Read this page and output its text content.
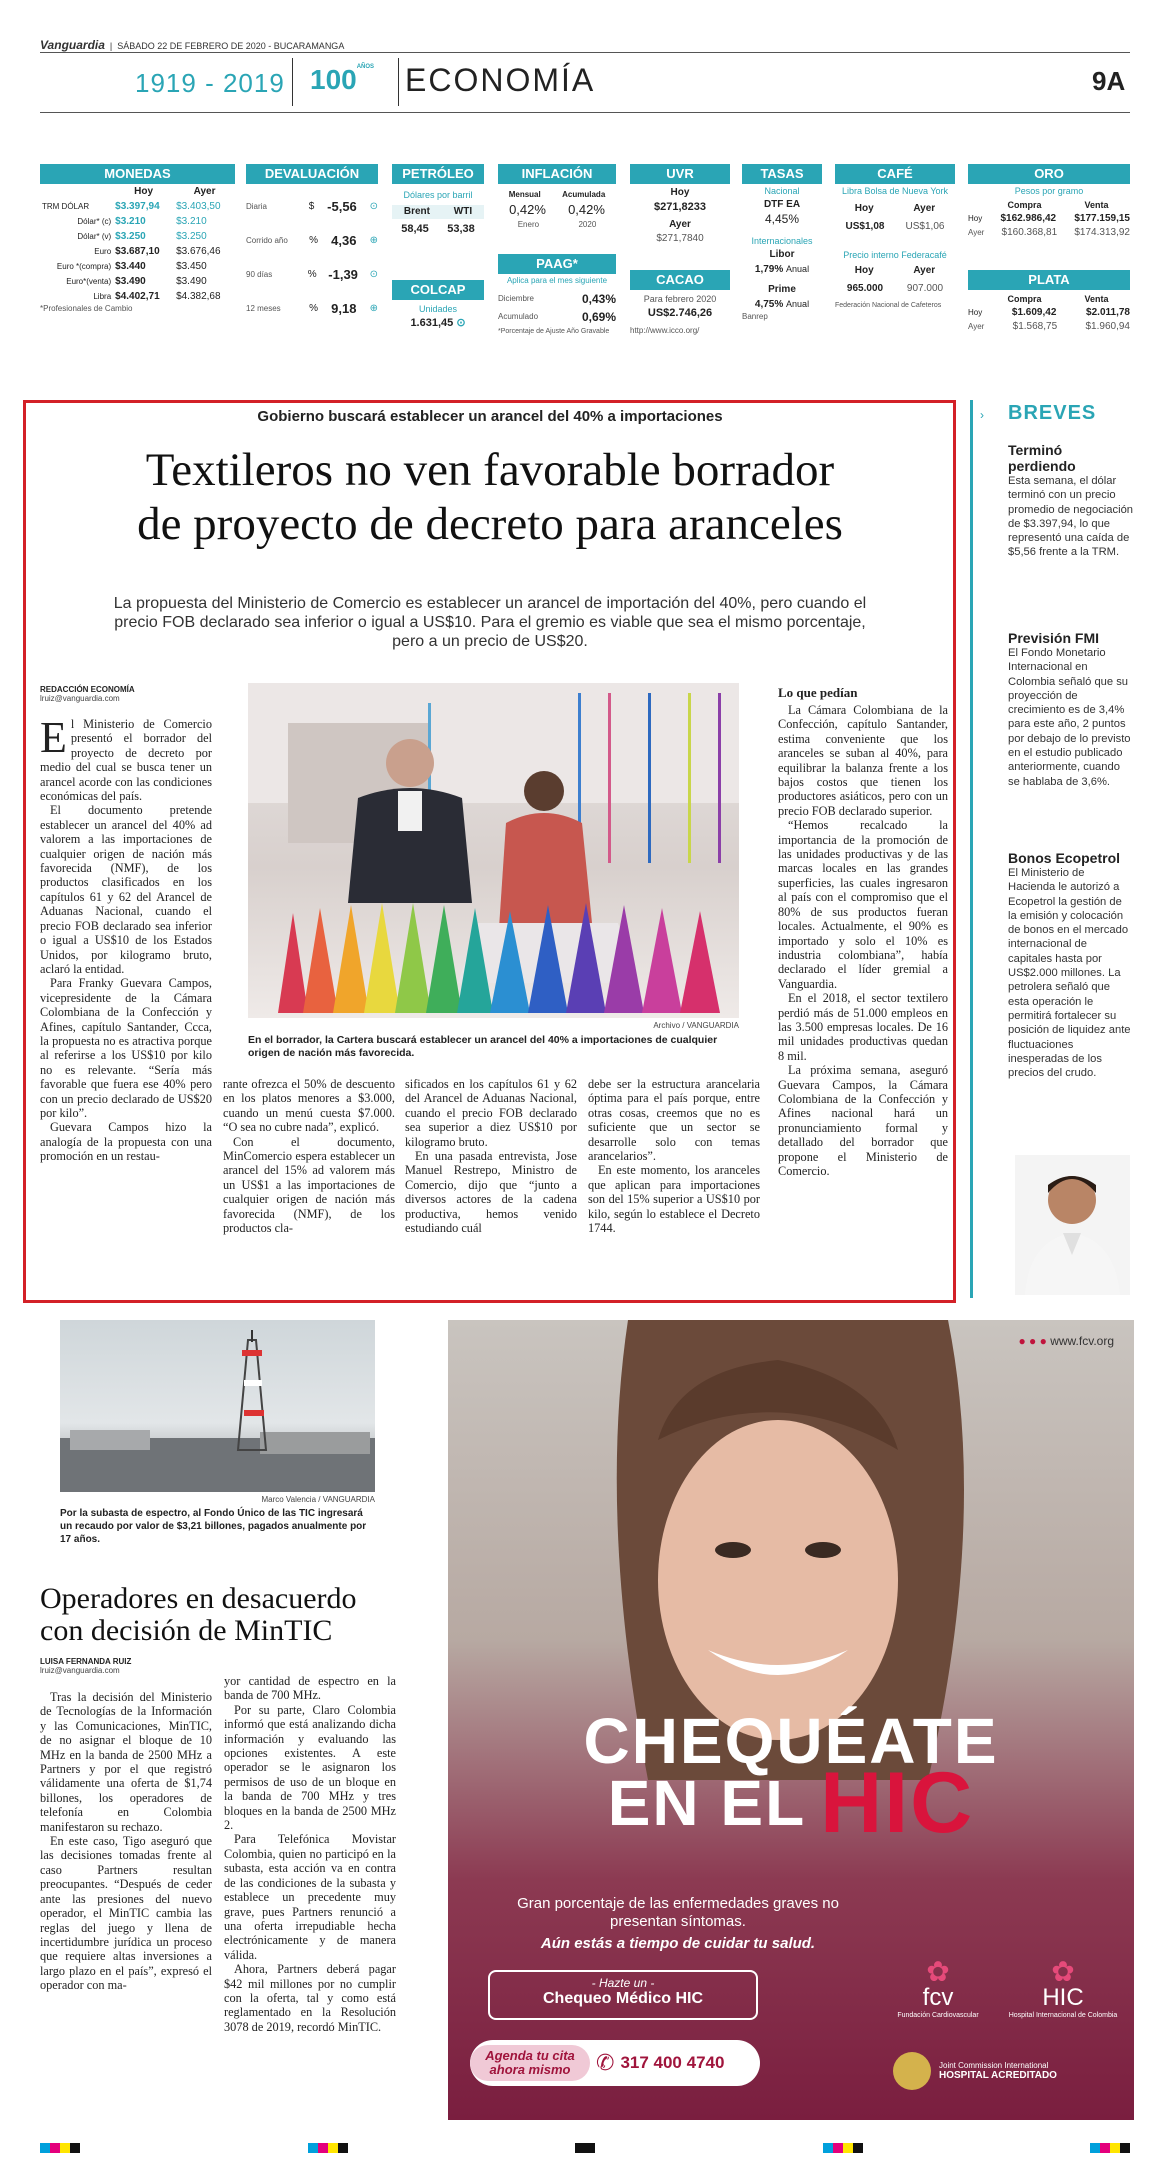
Vanguardia  |  SÁBADO 22 DE FEBRERO DE 2020 - BUCARAMANGA
1919 - 2019 $100^{AÑOS}$ ECONOMÍA	9A
MONEDAS
	Hoy	Ayer
TRM DÓLAR	$3.397,94	$3.403,50
Dólar* (c)	$3.210	$3.210
Dólar* (v)	$3.250	$3.250
Euro	$3.687,10	$3.676,46
Euro *(compra)	$3.440	$3.450
Euro*(venta)	$3.490	$3.490
Libra	$4.402,71	$4.382,68
*Profesionales de Cambio
DEVALUACIÓN
Diaria	$ -5,56 ⊙
Corrido año	% 4,36 ⊕
90 días	% -1,39 ⊙
12 meses	% 9,18 ⊕
PETRÓLEO
Dólares por barril
Brent WTI
58,45 53,38
COLCAP
Unidades
1.631,45 ⊙
INFLACIÓN
Mensual	Acumulada
0,42% 0,42%
Enero	2020
PAAG*
Aplica para el mes siguiente
Diciembre	0,43%
Acumulado	0,69%
*Porcentaje de Ajuste Año Gravable
UVR
Hoy
$271,8233
Ayer
$271,7840
CACAO
Para febrero 2020
US$2.746,26
http://www.icco.org/
TASAS
Nacional
DTF EA
4,45%
Internacionales
Libor
1,79% Anual
Prime
4,75% Anual
Banrep
CAFÉ
Libra Bolsa de Nueva York
Hoy	Ayer
US$1,08 US$1,06
Precio interno Federacafé
Hoy	Ayer
965.000 907.000
Federación Nacional de Cafeteros
ORO
Pesos por gramo
Compra	Venta
Hoy $162.986,42 $177.159,15
Ayer $160.368,81 $174.313,92
PLATA
Compra	Venta
Hoy	$1.609,42	$2.011,78
Ayer	$1.568,75	$1.960,94
Gobierno buscará establecer un arancel del 40% a importaciones
Textileros no ven favorable borrador
de proyecto de decreto para aranceles
La propuesta del Ministerio de Comercio es establecer un arancel de importación del 40%, pero cuando el precio FOB declarado sea inferior o igual a US$10. Para el gremio es viable que sea el mismo porcentaje, pero a un precio de US$20.
REDACCIÓN ECONOMÍA
lruiz@vanguardia.com

El Ministerio de Comercio presentó el borrador del proyecto de decreto por medio del cual se busca tener un arancel acorde con las condiciones económicas del país.

El documento pretende establecer un arancel del 40% ad valorem a las importaciones de cualquier origen de nación más favorecida (NMF), de los productos clasificados en los capítulos 61 y 62 del Arancel de Aduanas Nacional, cuando el precio FOB declarado sea inferior o igual a US$10 de los Estados Unidos, por kilogramo bruto, aclaró la entidad.

Para Franky Guevara Campos, vicepresidente de la Cámara Colombiana de la Confección y Afines, capítulo Santander, Ccca, la propuesta no es atractiva porque al referirse a los US$10 por kilo no es relevante. “Sería más favorable que fuera ese 40% pero con un precio declarado de US$20 por kilo”.

Guevara Campos hizo la analogía de la propuesta con una promoción en un restau-

Archivo / VANGUARDIA
En el borrador, la Cartera buscará establecer un arancel del 40% a importaciones de cualquier origen de nación más favorecida.

rante ofrezca el 50% de descuento en los platos menores a $3.000, cuando un menú cuesta $7.000. “O sea no cubre nada”, explicó.

Con el documento, MinComercio espera establecer un arancel del 15% ad valorem más un US$1 a las importaciones de cualquier origen de nación más favorecida (NMF), de los productos cla-

sificados en los capítulos 61 y 62 del Arancel de Aduanas Nacional, cuando el precio FOB declarado sea superior a diez US$10 por kilogramo bruto.

En una pasada entrevista, Jose Manuel Restrepo, Ministro de Comercio, dijo que “junto a diversos actores de la cadena productiva, hemos venido estudiando cuál

debe ser la estructura arancelaria óptima para el país porque, entre otras cosas, creemos que no es suficiente que un sector se desarrolle solo con temas arancelarios”.

En este momento, los aranceles que aplican para importaciones son del 15% superior a US$10 por kilo, según lo establece el Decreto 1744.

Lo que pedían

La Cámara Colombiana de la Confección, capítulo Santander, estima conveniente que los aranceles se suban al 40%, para equilibrar la balanza frente a los bajos costos que tienen los productores asiáticos, pero con un precio FOB declarado superior.

“Hemos recalcado la importancia de la promoción de las unidades productivas y de las marcas locales en las grandes superficies, las cuales ingresaron al país con el compromiso que el 80% de sus productos fueran locales. Actualmente, el 90% es importado y solo el 10% es industria colombiana”, había declarado el líder gremial a Vanguardia.

En el 2018, el sector textilero perdió más de 51.000 empleos en las 3.500 empresas locales. De 16 mil unidades productivas quedan 8 mil.

La próxima semana, aseguró Guevara Campos, la Cámara Colombiana de la Confección y Afines nacional hará un pronunciamiento formal y detallado del borrador que propone el Ministerio de Comercio.

BREVES
›
Terminó perdiendo
Esta semana, el dólar terminó con un precio promedio de negociación de $3.397,94, lo que representó una caída de $5,56 frente a la TRM.
Previsión FMI
El Fondo Monetario Internacional en Colombia señaló que su proyección de crecimiento es de 3,4% para este año, 2 puntos por debajo de lo previsto en el estudio publicado anteriormente, cuando se hablaba de 3,6%.
Bonos Ecopetrol
El Ministerio de Hacienda le autorizó a Ecopetrol la gestión de la emisión y colocación de bonos en el mercado internacional de capitales hasta por US$2.000 millones. La petrolera señaló que esta operación le permitirá fortalecer su posición de liquidez ante fluctuaciones inesperadas de los precios del crudo.
Marco Valencia / VANGUARDIA
Por la subasta de espectro, al Fondo Único de las TIC ingresará un recaudo por valor de $3,21 billones, pagados anualmente por 17 años.
Operadores en desacuerdo con decisión de MinTIC
LUISA FERNANDA RUIZ
lruiz@vanguardia.com

Tras la decisión del Ministerio de Tecnologías de la Información y las Comunicaciones, MinTIC, de no asignar el bloque de 10 MHz en la banda de 2500 MHz a Partners y por el que registró válidamente una oferta de $1,74 billones, los operadores de telefonía en Colombia manifestaron su rechazo.

En este caso, Tigo aseguró que las decisiones tomadas frente al caso Partners resultan preocupantes. “Después de ceder ante las presiones del nuevo operador, el MinTIC cambia las reglas del juego y llena de incertidumbre jurídica un proceso que requiere altas inversiones a largo plazo en el país”, expresó el operador con ma-

yor cantidad de espectro en la banda de 700 MHz.

Por su parte, Claro Colombia informó que está analizando dicha información y evaluando las opciones existentes. A este operador se le asignaron los permisos de uso de un bloque en la banda de 700 MHz y tres bloques en la banda de 2500 MHz 2.

Para Telefónica Movistar Colombia, quien no participó en la subasta, esta acción va en contra de las condiciones de la subasta y establece un precedente muy grave, pues Partners renunció a una oferta irrepudiable hecha electrónicamente y de manera válida.

Ahora, Partners deberá pagar $42 mil millones por no cumplir con la oferta, tal y como está reglamentado en la Resolución 3078 de 2019, recordó MinTIC.

● ● ● www.fcv.org
CHEQUÉATE
EN EL HIC
Gran porcentaje de las enfermedades graves no presentan síntomas.
Aún estás a tiempo de cuidar tu salud.
- Hazte un -
Chequeo Médico HIC
Agenda tu cita ahora mismo	✆ 317 400 4740
✿
fcv
Fundación Cardiovascular
✿
HIC
Hospital Internacional de Colombia
Joint Commission International
HOSPITAL ACREDITADO
